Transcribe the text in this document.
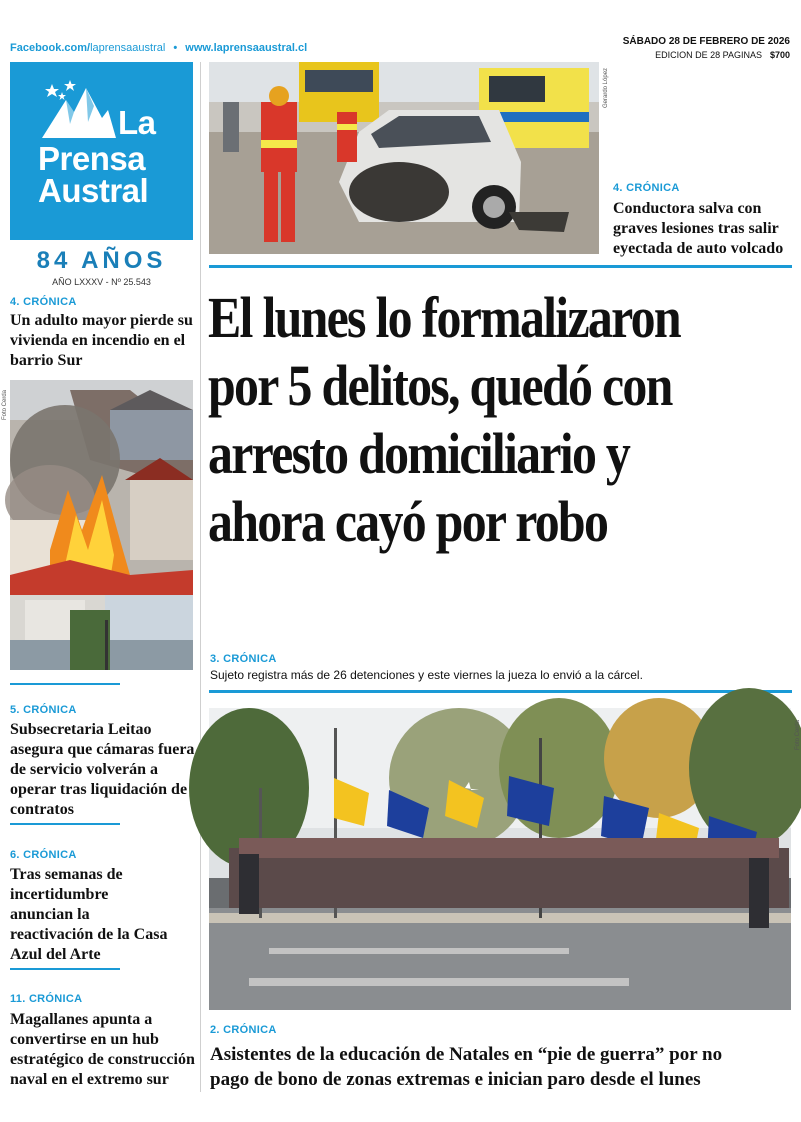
Facebook.com/laprensaaustral • www.laprensaaustral.cl
SÁBADO 28 DE FEBRERO DE 2026
EDICION DE 28 PAGINAS $700
La
Prensa
Austral
84 AÑOS
AÑO LXXXV - Nº 25.543
4. CRÓNICA
Un adulto mayor pierde su vivienda en incendio en el barrio Sur
Foto Cerda
5. CRÓNICA
Subsecretaria Leitao asegura que cámaras fuera de servicio volverán a operar tras liquidación de contratos
6. CRÓNICA
Tras semanas de incertidumbre anuncian la reactivación de la Casa Azul del Arte
11. CRÓNICA
Magallanes apunta a convertirse en un hub estratégico de construcción naval en el extremo sur
Gerardo López
4. CRÓNICA
Conductora salva con graves lesiones tras salir eyectada de auto volcado
El lunes lo formalizaron
por 5 delitos, quedó con
arresto domiciliario y
ahora cayó por robo
3. CRÓNICA
Sujeto registra más de 26 detenciones y este viernes la jueza lo envió a la cárcel.
Foto Cerda
2. CRÓNICA
Asistentes de la educación de Natales en “pie de guerra” por no
pago de bono de zonas extremas e inician paro desde el lunes
